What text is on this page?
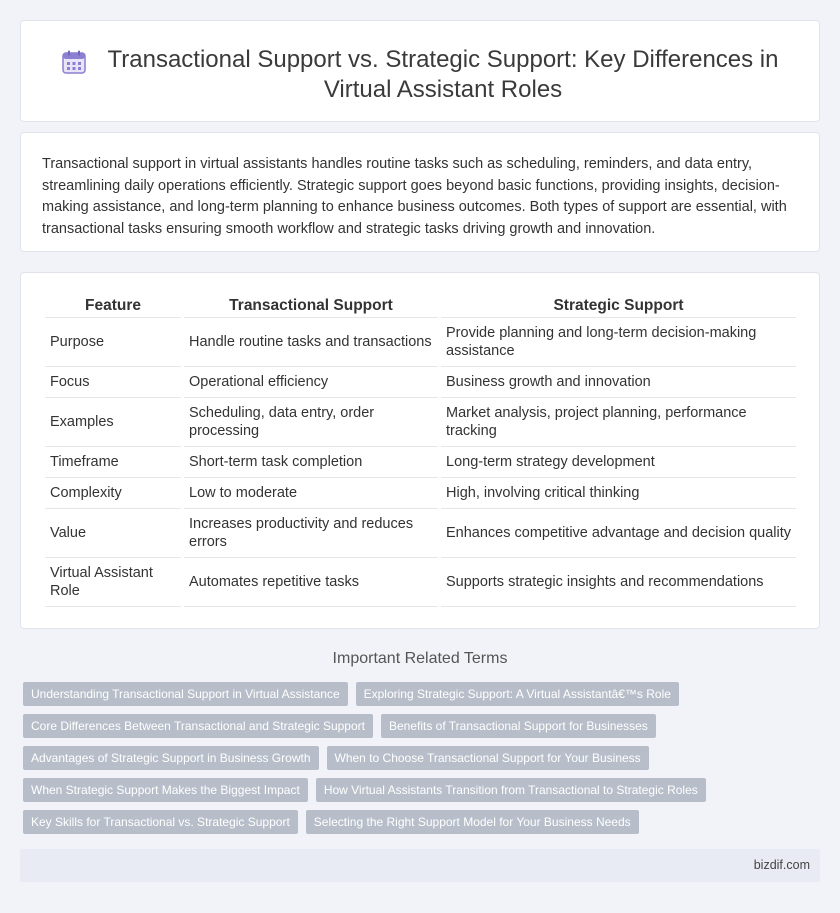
Transactional Support vs. Strategic Support: Key Differences in Virtual Assistant Roles

Transactional support in virtual assistants handles routine tasks such as scheduling, reminders, and data entry, streamlining daily operations efficiently. Strategic support goes beyond basic functions, providing insights, decision-making assistance, and long-term planning to enhance business outcomes. Both types of support are essential, with transactional tasks ensuring smooth workflow and strategic tasks driving growth and innovation.

Feature	Transactional Support	Strategic Support
Purpose	Handle routine tasks and transactions	Provide planning and long-term decision-making assistance
Focus	Operational efficiency	Business growth and innovation
Examples	Scheduling, data entry, order processing	Market analysis, project planning, performance tracking
Timeframe	Short-term task completion	Long-term strategy development
Complexity	Low to moderate	High, involving critical thinking
Value	Increases productivity and reduces errors	Enhances competitive advantage and decision quality
Virtual Assistant Role	Automates repetitive tasks	Supports strategic insights and recommendations
Important Related Terms
Understanding Transactional Support in Virtual Assistance	Exploring Strategic Support: A Virtual Assistantâ€™s Role
Core Differences Between Transactional and Strategic Support	Benefits of Transactional Support for Businesses
Advantages of Strategic Support in Business Growth	When to Choose Transactional Support for Your Business
When Strategic Support Makes the Biggest Impact	How Virtual Assistants Transition from Transactional to Strategic Roles
Key Skills for Transactional vs. Strategic Support	Selecting the Right Support Model for Your Business Needs
bizdif.com
